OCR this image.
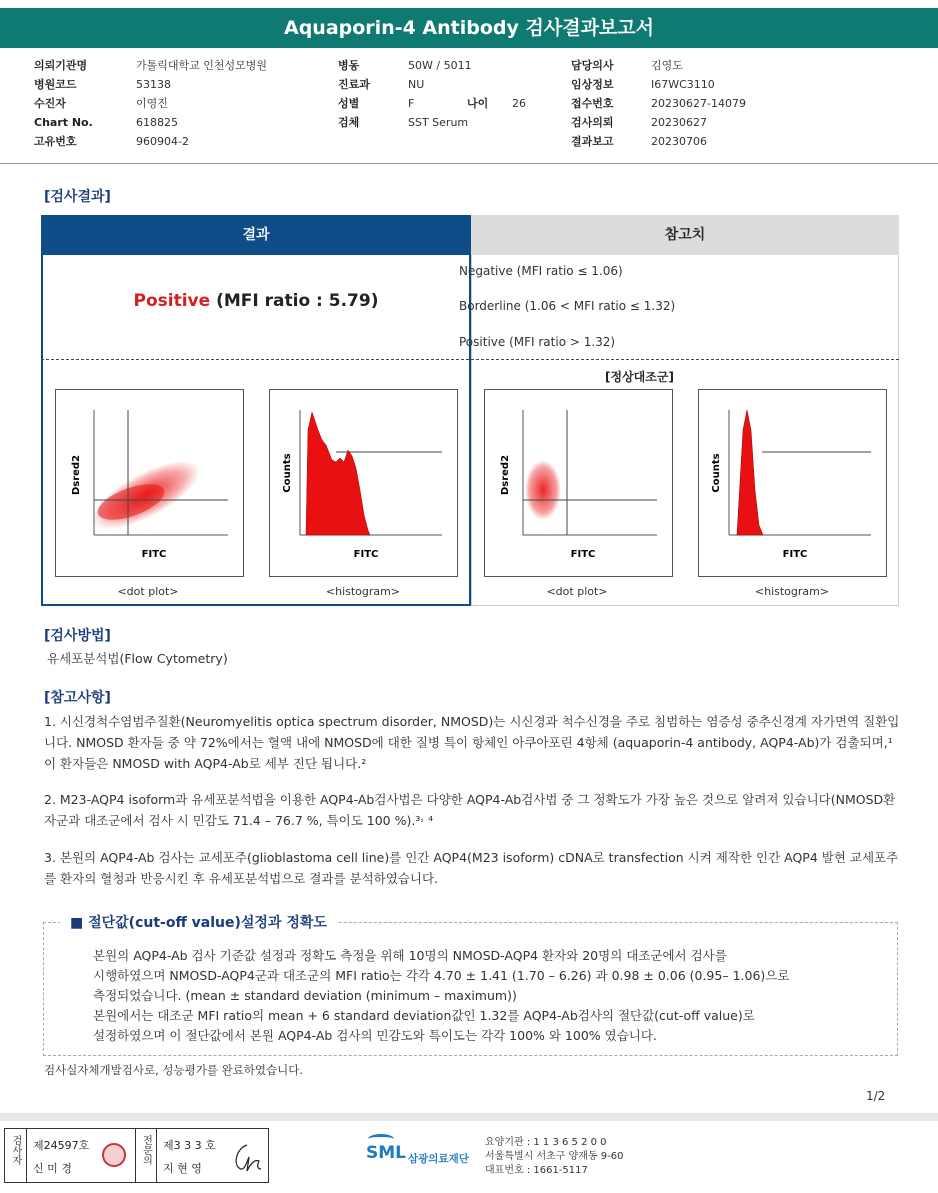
Aquaporin-4 Antibody 검사결과보고서
의뢰기관명	가톨릭대학교 인천성모병원
병원코드	53138
수진자	이영진
Chart No.	618825
고유번호	960904-2
병동	50W / 5011
진료과	NU
성별	F	나이	26
검체	SST Serum
담당의사	김영도
임상정보	I67WC3110
접수번호	20230627-14079
검사의뢰	20230627
결과보고	20230706
[검사결과]
결과	참고치
Positive (MFI ratio : 5.79)
Negative (MFI ratio ≤ 1.06)
Borderline (1.06 < MFI ratio ≤ 1.32)
Positive (MFI ratio > 1.32)
[정상대조군]
Dsred2
FITC
<dot plot>
Counts
FITC
<histogram>
Dsred2
FITC
<dot plot>
Counts
FITC
<histogram>
[검사방법]
유세포분석법(Flow Cytometry)
[참고사항]
1. 시신경척수염범주질환(Neuromyelitis optica spectrum disorder, NMOSD)는 시신경과 척수신경을 주로 침범하는 염증성 중추신경계 자가면역 질환입니다. NMOSD 환자들 중 약 72%에서는 혈액 내에 NMOSD에 대한 질병 특이 항체인 아쿠아포린 4항체 (aquaporin-4 antibody, AQP4-Ab)가 검출되며,¹ 이 환자들은 NMOSD with AQP4-Ab로 세부 진단 됩니다.²
2. M23-AQP4 isoform과 유세포분석법을 이용한 AQP4-Ab검사법은 다양한 AQP4-Ab검사법 중 그 정확도가 가장 높은 것으로 알려져 있습니다(NMOSD환자군과 대조군에서 검사 시 민감도 71.4 – 76.7 %, 특이도 100 %).³˒ ⁴
3. 본원의 AQP4-Ab 검사는 교세포주(glioblastoma cell line)를 인간 AQP4(M23 isoform) cDNA로 transfection 시켜 제작한 인간 AQP4 발현 교세포주를 환자의 혈청과 반응시킨 후 유세포분석법으로 결과를 분석하였습니다.
■ 절단값(cut-off value)설정과 정확도
본원의 AQP4-Ab 검사 기준값 설정과 정확도 측정을 위해 10명의 NMOSD-AQP4 환자와 20명의 대조군에서 검사를
시행하였으며 NMOSD-AQP4군과 대조군의 MFI ratio는 각각 4.70 ± 1.41 (1.70 – 6.26) 과 0.98 ± 0.06 (0.95– 1.06)으로
측정되었습니다. (mean ± standard deviation (minimum – maximum))
본원에서는 대조군 MFI ratio의 mean + 6 standard deviation값인 1.32를 AQP4-Ab검사의 절단값(cut-off value)로
설정하였으며 이 절단값에서 본원 AQP4-Ab 검사의 민감도와 특이도는 각각 100% 와 100% 였습니다.
검사실자체개발검사로, 성능평가를 완료하였습니다.
1/2
검사자	제24597호
신 미 경
전문의	제3 3 3 호
지 현 영
SML 삼광의료재단
요양기관 : 1 1 3 6 5 2 0 0
서울특별시 서초구 양재동 9-60
대표번호 : 1661-5117
